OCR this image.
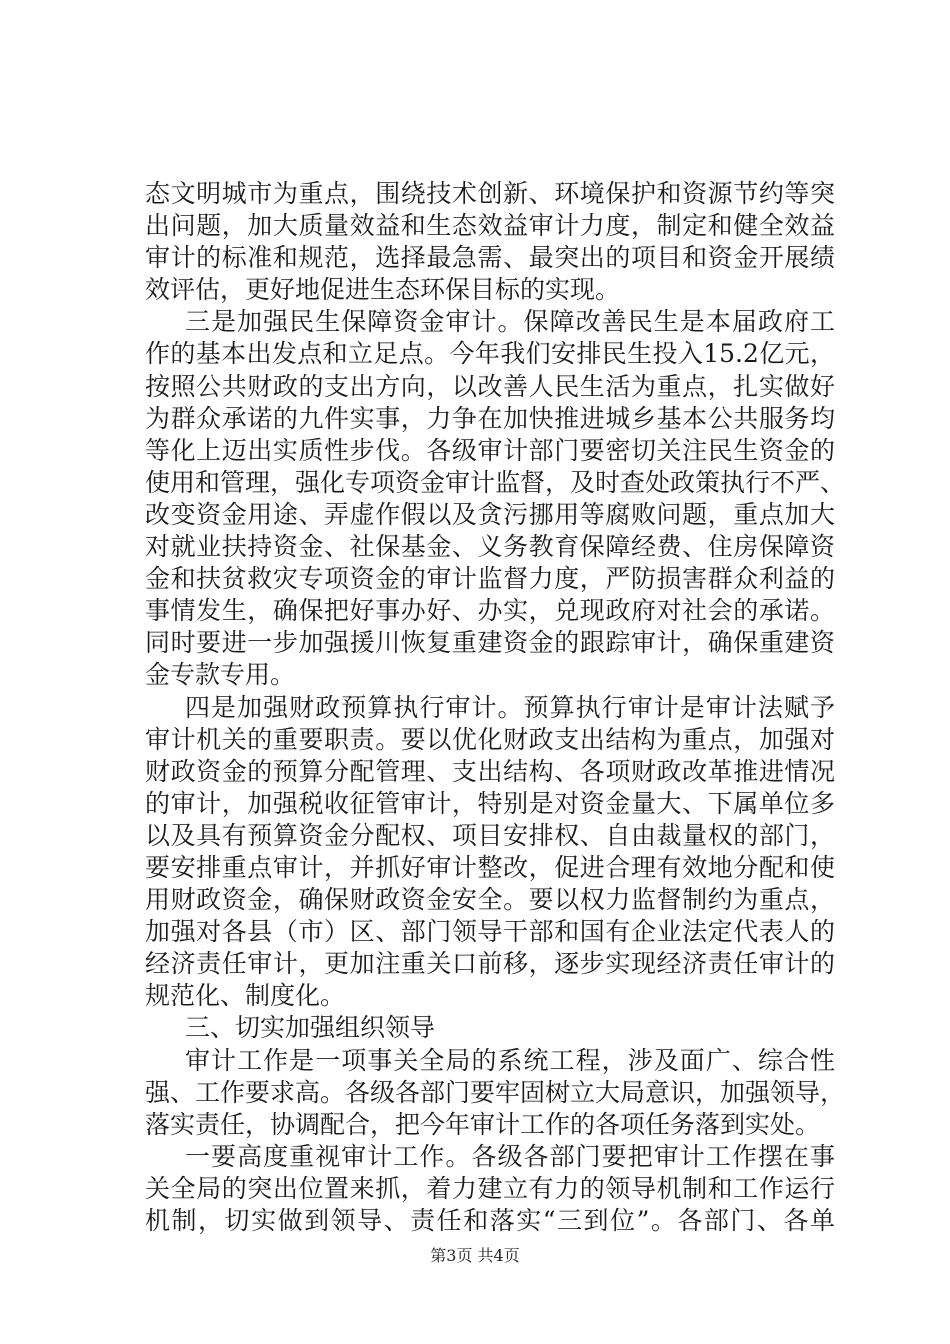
态文明城市为重点，围绕技术创新、环境保护和资源节约等突
出问题，加大质量效益和生态效益审计力度，制定和健全效益
审计的标准和规范，选择最急需、最突出的项目和资金开展绩
效评估，更好地促进生态环保目标的实现。
三是加强民生保障资金审计。保障改善民生是本届政府工
作的基本出发点和立足点。今年我们安排民生投入15.2亿元，
按照公共财政的支出方向，以改善人民生活为重点，扎实做好
为群众承诺的九件实事，力争在加快推进城乡基本公共服务均
等化上迈出实质性步伐。各级审计部门要密切关注民生资金的
使用和管理，强化专项资金审计监督，及时查处政策执行不严、
改变资金用途、弄虚作假以及贪污挪用等腐败问题，重点加大
对就业扶持资金、社保基金、义务教育保障经费、住房保障资
金和扶贫救灾专项资金的审计监督力度，严防损害群众利益的
事情发生，确保把好事办好、办实，兑现政府对社会的承诺。
同时要进一步加强援川恢复重建资金的跟踪审计，确保重建资
金专款专用。
四是加强财政预算执行审计。预算执行审计是审计法赋予
审计机关的重要职责。要以优化财政支出结构为重点，加强对
财政资金的预算分配管理、支出结构、各项财政改革推进情况
的审计，加强税收征管审计，特别是对资金量大、下属单位多
以及具有预算资金分配权、项目安排权、自由裁量权的部门，
要安排重点审计，并抓好审计整改，促进合理有效地分配和使
用财政资金，确保财政资金安全。要以权力监督制约为重点，
加强对各县（市）区、部门领导干部和国有企业法定代表人的
经济责任审计，更加注重关口前移，逐步实现经济责任审计的
规范化、制度化。
三、切实加强组织领导
审计工作是一项事关全局的系统工程，涉及面广、综合性
强、工作要求高。各级各部门要牢固树立大局意识，加强领导，
落实责任，协调配合，把今年审计工作的各项任务落到实处。
一要高度重视审计工作。各级各部门要把审计工作摆在事
关全局的突出位置来抓，着力建立有力的领导机制和工作运行
机制，切实做到领导、责任和落实“三到位”。各部门、各单
第3页 共4页
